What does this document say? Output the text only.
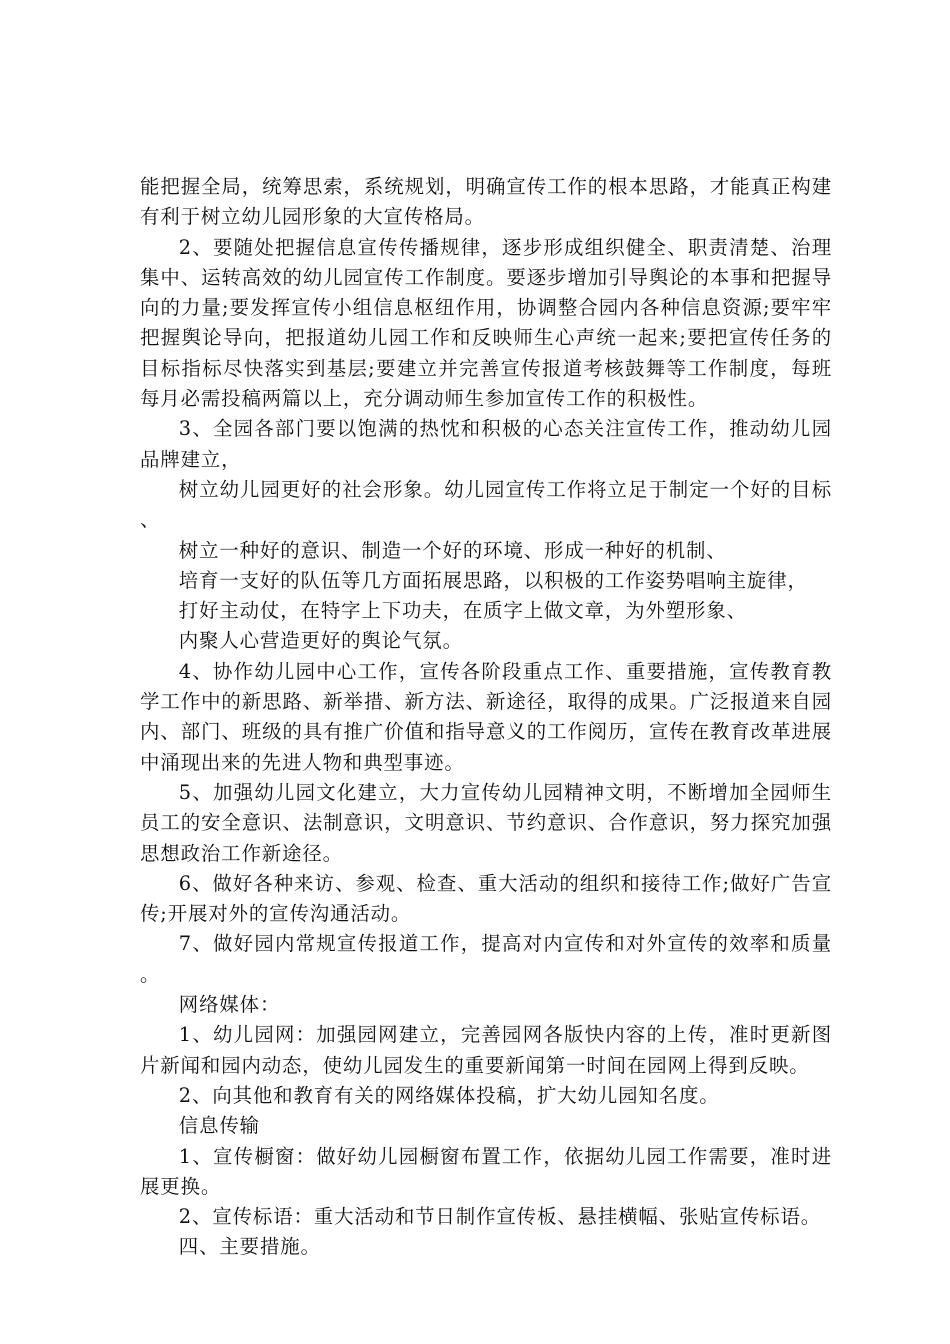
能把握全局，统筹思索，系统规划，明确宣传工作的根本思路，才能真正构建有利于树立幼儿园形象的大宣传格局。

2、要随处把握信息宣传传播规律，逐步形成组织健全、职责清楚、治理集中、运转高效的幼儿园宣传工作制度。要逐步增加引导舆论的本事和把握导向的力量;要发挥宣传小组信息枢纽作用，协调整合园内各种信息资源;要牢牢把握舆论导向，把报道幼儿园工作和反映师生心声统一起来;要把宣传任务的目标指标尽快落实到基层;要建立并完善宣传报道考核鼓舞等工作制度，每班每月必需投稿两篇以上，充分调动师生参加宣传工作的积极性。

3、全园各部门要以饱满的热忱和积极的心态关注宣传工作，推动幼儿园品牌建立，

树立幼儿园更好的社会形象。幼儿园宣传工作将立足于制定一个好的目标、

树立一种好的意识、制造一个好的环境、形成一种好的机制、

培育一支好的队伍等几方面拓展思路，以积极的工作姿势唱响主旋律，

打好主动仗，在特字上下功夫，在质字上做文章，为外塑形象、

内聚人心营造更好的舆论气氛。

4、协作幼儿园中心工作，宣传各阶段重点工作、重要措施，宣传教育教学工作中的新思路、新举措、新方法、新途径，取得的成果。广泛报道来自园内、部门、班级的具有推广价值和指导意义的工作阅历，宣传在教育改革进展中涌现出来的先进人物和典型事迹。

5、加强幼儿园文化建立，大力宣传幼儿园精神文明，不断增加全园师生员工的安全意识、法制意识，文明意识、节约意识、合作意识，努力探究加强思想政治工作新途径。

6、做好各种来访、参观、检查、重大活动的组织和接待工作;做好广告宣传;开展对外的宣传沟通活动。

7、做好园内常规宣传报道工作，提高对内宣传和对外宣传的效率和质量。

网络媒体：

1、幼儿园网：加强园网建立，完善园网各版快内容的上传，准时更新图片新闻和园内动态，使幼儿园发生的重要新闻第一时间在园网上得到反映。

2、向其他和教育有关的网络媒体投稿，扩大幼儿园知名度。

信息传输

1、宣传橱窗：做好幼儿园橱窗布置工作，依据幼儿园工作需要，准时进展更换。

2、宣传标语：重大活动和节日制作宣传板、悬挂横幅、张贴宣传标语。

四、主要措施。
